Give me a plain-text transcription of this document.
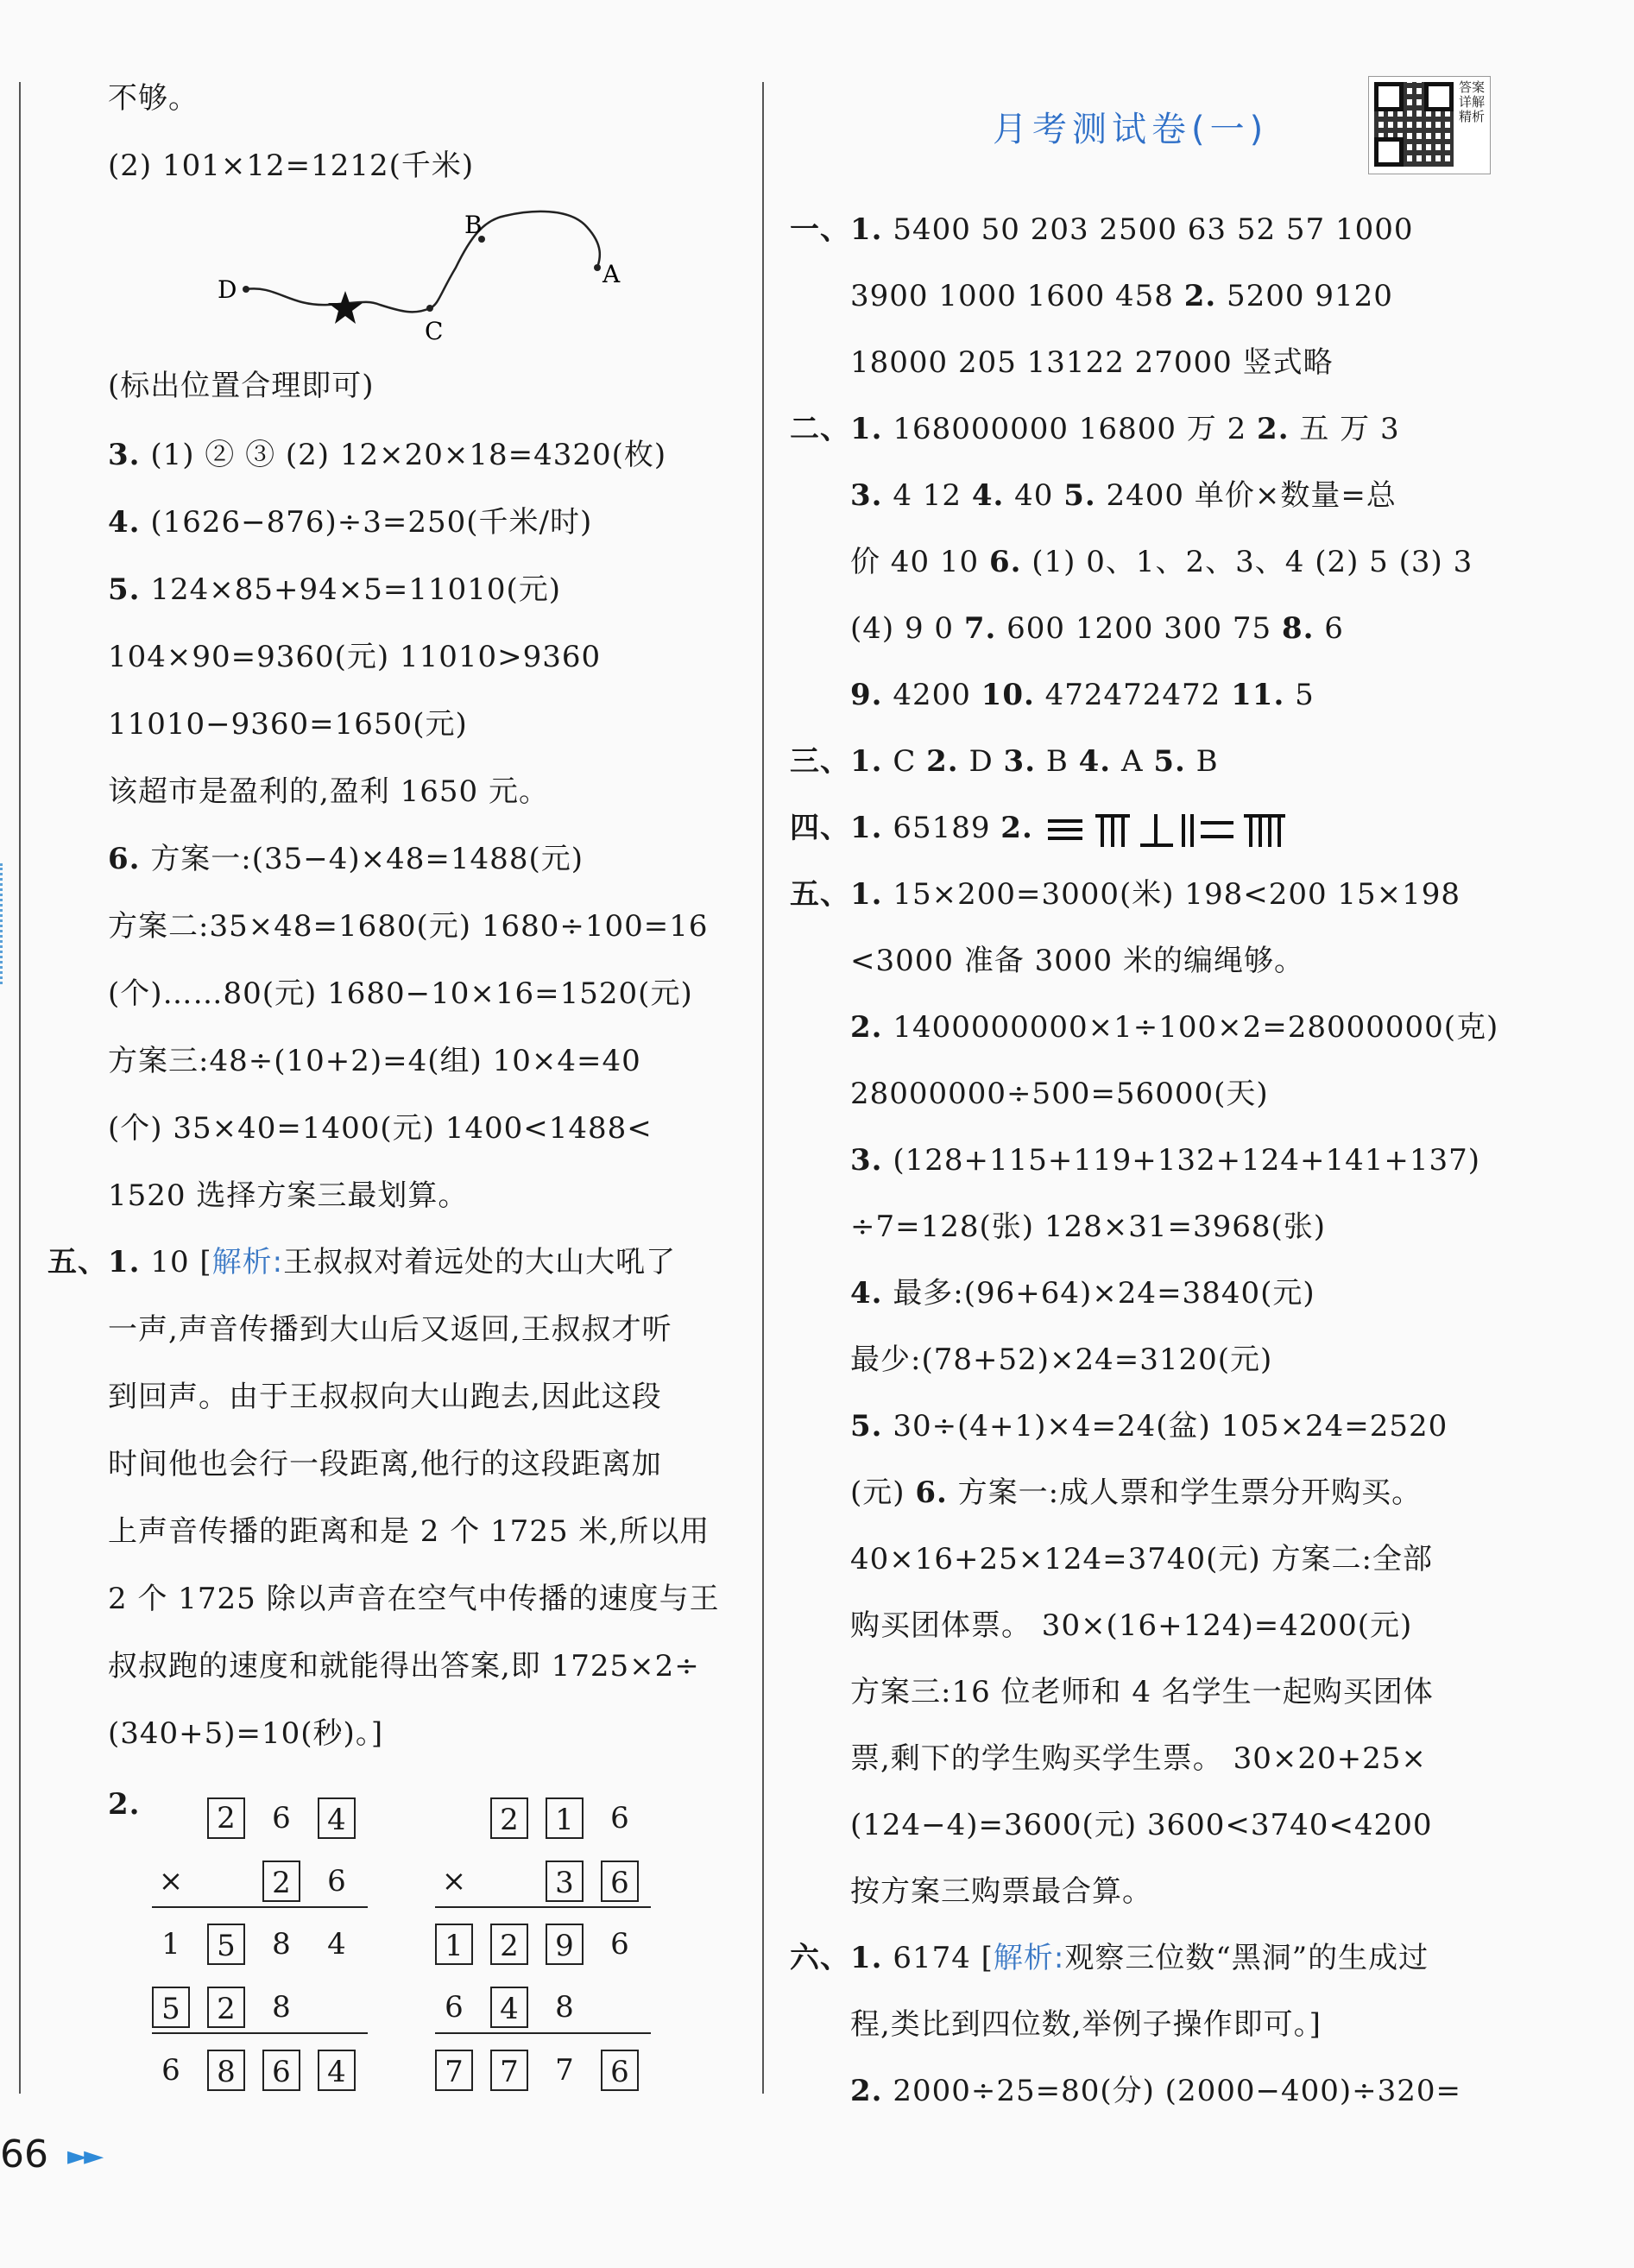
不够。
(2) 101×12=1212(千米)
D
B
C
A
(标出位置合理即可)
3. (1) ② ③ (2) 12×20×18=4320(枚)
4. (1626−876)÷3=250(千米/时)
5. 124×85+94×5=11010(元)
104×90=9360(元) 11010>9360
11010−9360=1650(元)
该超市是盈利的,盈利 1650 元。
6. 方案一:(35−4)×48=1488(元)
方案二:35×48=1680(元) 1680÷100=16
(个)……80(元) 1680−10×16=1520(元)
方案三:48÷(10+2)=4(组) 10×4=40
(个) 35×40=1400(元) 1400<1488<
1520 选择方案三最划算。
五、1. 10 [解析:王叔叔对着远处的大山大吼了
一声,声音传播到大山后又返回,王叔叔才听
到回声。由于王叔叔向大山跑去,因此这段
时间他也会行一段距离,他行的这段距离加
上声音传播的距离和是 2 个 1725 米,所以用
2 个 1725 除以声音在空气中传播的速度与王
叔叔跑的速度和就能得出答案,即 1725×2÷
(340+5)=10(秒)。]
2.	2	6	4
×	2	6
1	5	8	4
5	2	8
6	8	6	4
2	1	6
×	3	6
1	2	9	6
6	4	8
7	7	7	6
月考测试卷(一)
答案详解精析
一、1. 5400 50 203 2500 63 52 57 1000
3900 1000 1600 458 2. 5200 9120
18000 205 13122 27000 竖式略
二、1. 168000000 16800 万 2 2. 五 万 3
3. 4 12 4. 40 5. 2400 单价×数量=总
价 40 10 6. (1) 0、1、2、3、4 (2) 5 (3) 3
(4) 9 0 7. 600 1200 300 75 8. 6
9. 4200 10. 472472472 11. 5
三、1. C 2. D 3. B 4. A 5. B
四、1. 65189 2.
五、1. 15×200=3000(米) 198<200 15×198
<3000 准备 3000 米的编绳够。
2. 1400000000×1÷100×2=28000000(克)
28000000÷500=56000(天)
3. (128+115+119+132+124+141+137)
÷7=128(张) 128×31=3968(张)
4. 最多:(96+64)×24=3840(元)
最少:(78+52)×24=3120(元)
5. 30÷(4+1)×4=24(盆) 105×24=2520
(元) 6. 方案一:成人票和学生票分开购买。
40×16+25×124=3740(元) 方案二:全部
购买团体票。 30×(16+124)=4200(元)
方案三:16 位老师和 4 名学生一起购买团体
票,剩下的学生购买学生票。 30×20+25×
(124−4)=3600(元) 3600<3740<4200
按方案三购票最合算。
六、1. 6174 [解析:观察三位数“黑洞”的生成过
程,类比到四位数,举例子操作即可。]
2. 2000÷25=80(分) (2000−400)÷320=
66 ►►
